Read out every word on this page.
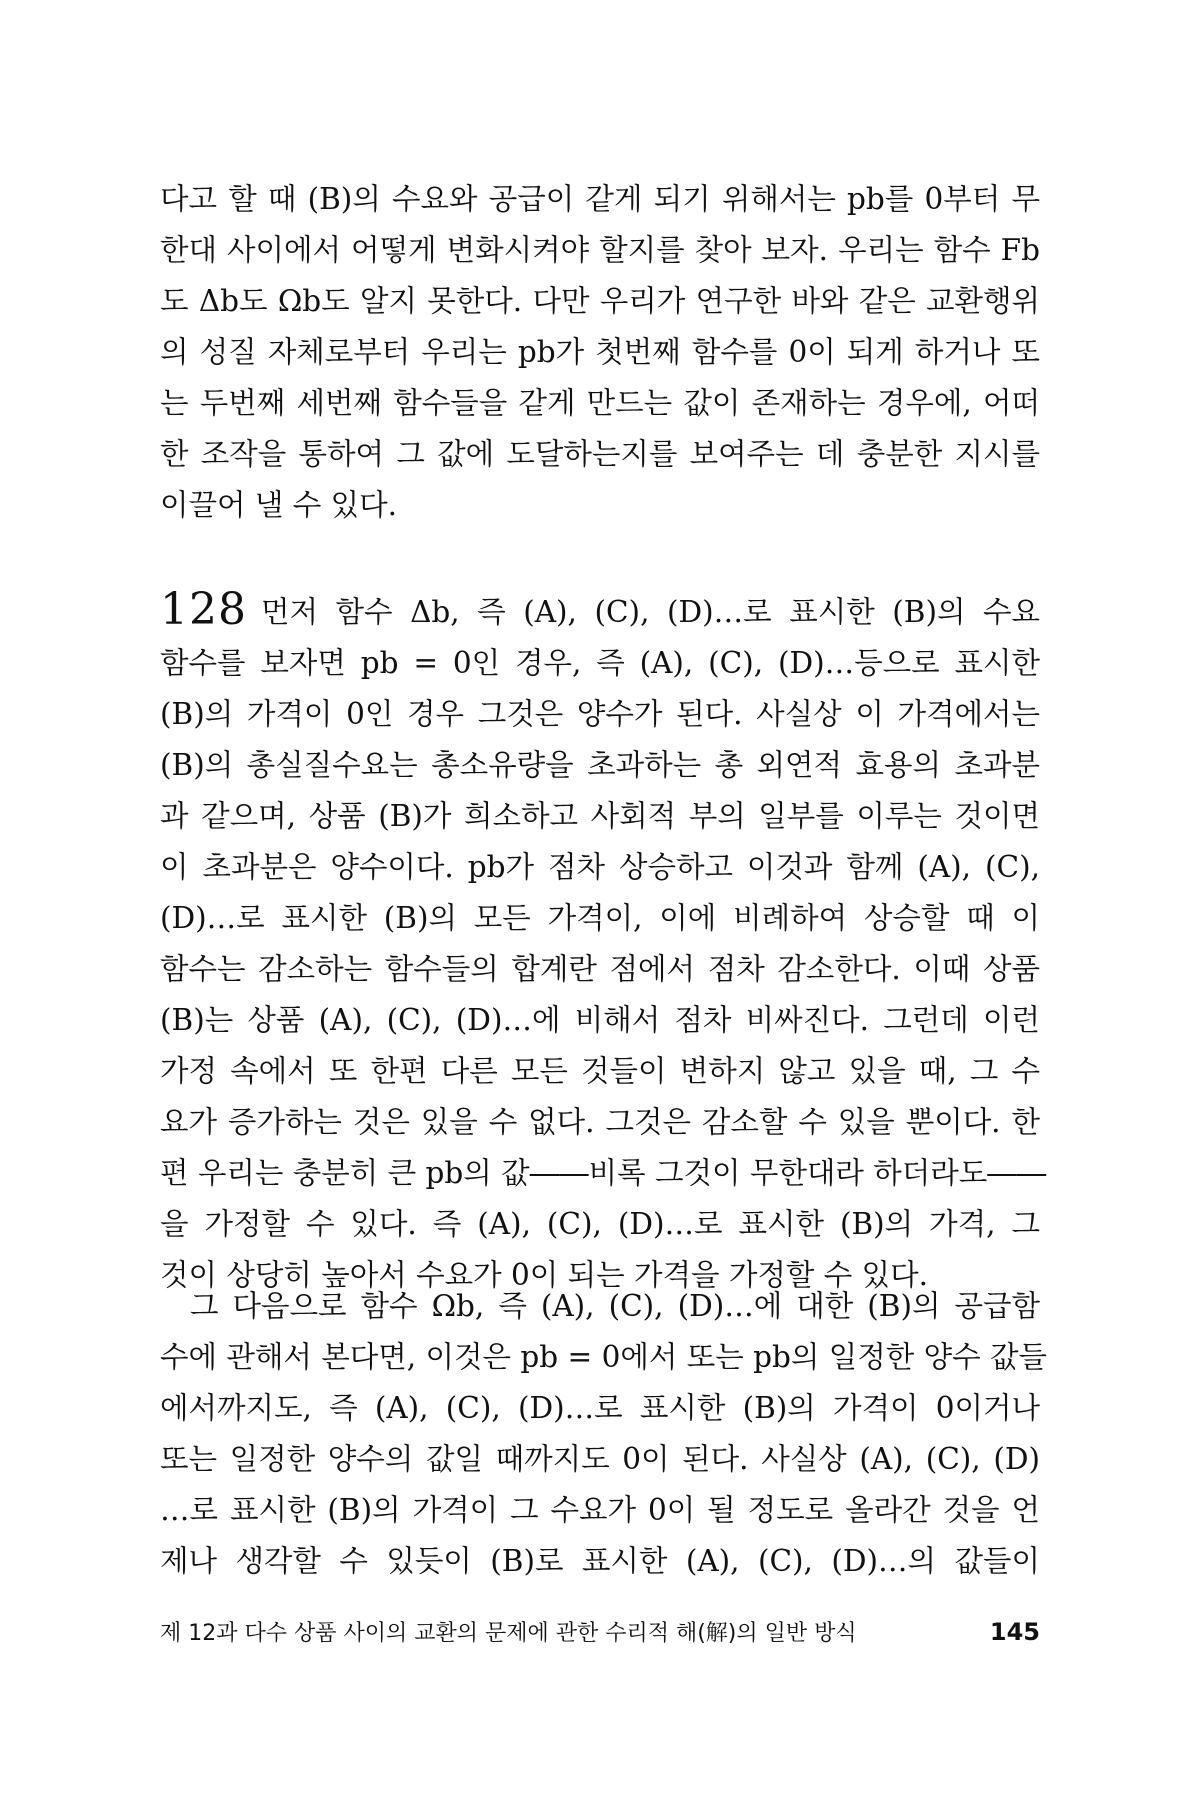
다고 할 때 (B)의 수요와 공급이 같게 되기 위해서는 pb를 0부터 무
한대 사이에서 어떻게 변화시켜야 할지를 찾아 보자. 우리는 함수 Fb
도 Δb도 Ωb도 알지 못한다. 다만 우리가 연구한 바와 같은 교환행위
의 성질 자체로부터 우리는 pb가 첫번째 함수를 0이 되게 하거나 또
는 두번째 세번째 함수들을 같게 만드는 값이 존재하는 경우에, 어떠
한 조작을 통하여 그 값에 도달하는지를 보여주는 데 충분한 지시를
이끌어 낼 수 있다.
128 먼저 함수 Δb, 즉 (A), (C), (D)…로 표시한 (B)의 수요
함수를 보자면 pb = 0인 경우, 즉 (A), (C), (D)…등으로 표시한
(B)의 가격이 0인 경우 그것은 양수가 된다. 사실상 이 가격에서는
(B)의 총실질수요는 총소유량을 초과하는 총 외연적 효용의 초과분
과 같으며, 상품 (B)가 희소하고 사회적 부의 일부를 이루는 것이면
이 초과분은 양수이다. pb가 점차 상승하고 이것과 함께 (A), (C),
(D)…로 표시한 (B)의 모든 가격이, 이에 비례하여 상승할 때 이
함수는 감소하는 함수들의 합계란 점에서 점차 감소한다. 이때 상품
(B)는 상품 (A), (C), (D)…에 비해서 점차 비싸진다. 그런데 이런
가정 속에서 또 한편 다른 모든 것들이 변하지 않고 있을 때, 그 수
요가 증가하는 것은 있을 수 없다. 그것은 감소할 수 있을 뿐이다. 한
편 우리는 충분히 큰 pb의 값――비록 그것이 무한대라 하더라도――
을 가정할 수 있다. 즉 (A), (C), (D)…로 표시한 (B)의 가격, 그
것이 상당히 높아서 수요가 0이 되는 가격을 가정할 수 있다.
그 다음으로 함수 Ωb, 즉 (A), (C), (D)…에 대한 (B)의 공급함
수에 관해서 본다면, 이것은 pb = 0에서 또는 pb의 일정한 양수 값들
에서까지도, 즉 (A), (C), (D)…로 표시한 (B)의 가격이 0이거나
또는 일정한 양수의 값일 때까지도 0이 된다. 사실상 (A), (C), (D)
…로 표시한 (B)의 가격이 그 수요가 0이 될 정도로 올라간 것을 언
제나 생각할 수 있듯이 (B)로 표시한 (A), (C), (D)…의 값들이
제 12과 다수 상품 사이의 교환의 문제에 관한 수리적 해(解)의 일반 방식	145
